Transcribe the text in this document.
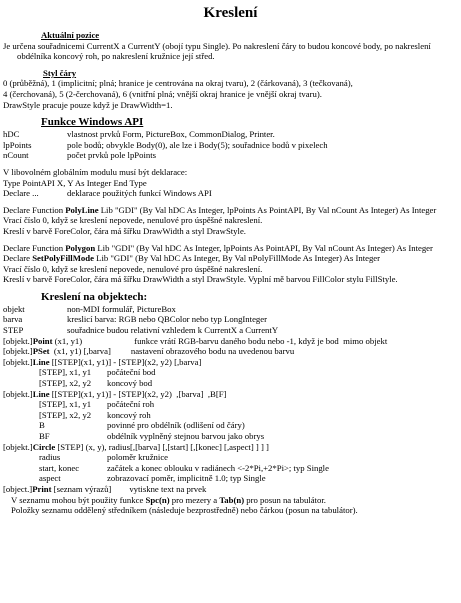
Kreslení
Aktuální pozice

Je určena souřadnicemi CurrentX a CurrentY (obojí typu Single). Po nakreslení čáry to budou koncové body, po nakreslení obdélníka koncový roh, po nakreslení kružnice její střed.

Styl čáry

0 (průběžná), 1 (implicitní; plná; hranice je centrována na okraj tvaru), 2 (čárkovaná), 3 (tečkovaná),

4 (čerchovaná), 5 (2-čerchovaná), 6 (vnitřní plná; vnější okraj hranice je vnější okraj tvaru).

DrawStyle pracuje pouze když je DrawWidth=1.

Funkce Windows API
hDC	vlastnost prvků Form, PictureBox, CommonDialog, Printer.
lpPoints	pole bodů; obvykle Body(0), ale lze i Body(5); souřadnice bodů v pixelech
nCount	počet prvků pole lpPoints

V libovolném globálním modulu musí být deklarace:

Type PointAPI X, Y As Integer End Type

Declare ...	deklarace použitých funkcí Windows API

Declare Function PolyLine Lib "GDI" (By Val hDC As Integer, lpPoints As PointAPI, By Val nCount As Integer) As Integer

Vrací číslo 0, když se kreslení nepovede, nenulové pro úspěšné nakreslení.

Kreslí v barvě ForeColor, čára má šířku DrawWidth a styl DrawStyle.

Declare Function Polygon Lib "GDI" (By Val hDC As Integer, lpPoints As PointAPI, By Val nCount As Integer) As Integer

Declare SetPolyFillMode Lib "GDI" (By Val hDC As Integer, By Val nPolyFillMode As Integer) As Integer

Vrací číslo 0, když se kreslení nepovede, nenulové pro úspěšné nakreslení.

Kreslí v barvě ForeColor, čára má šířku DrawWidth a styl DrawStyle. Vyplní mě barvou FillColor stylu FillStyle.

Kreslení na objektech:
objekt	non-MDI formulář, PictureBox
barva	kreslicí barva: RGB nebo QBColor nebo typ LongInteger
STEP	souřadnice budou relativní vzhledem k CurrentX a CurrentY
[objekt.]Point (x1, y1)	funkce vrátí RGB-barvu daného bodu nebo -1, když je bod  mimo objekt
[objekt.]PSet  (x1, y1) [,barva] nastavení obrazového bodu na uvedenou barvu
[objekt.] Line [[STEP](x1, y1)] - [STEP](x2, y2) [,barva]
[STEP], x1, y1	počáteční bod
[STEP], x2, y2	koncový bod
[objekt.] Line [[STEP](x1, y1)] - [STEP](x2, y2)  ,[barva]  ,B[F]
[STEP], x1, y1	počáteční roh
[STEP], x2, y2	koncový roh
B	povinné pro obdélník (odlišení od čáry)
BF	obdélník vyplněný stejnou barvou jako obrys
[objekt.] Circle [STEP] (x, y), radius[,[barva] [,[start] [,[konec] [,aspect] ] ] ]
radius	poloměr kružnice
start, konec	začátek a konec oblouku v radiánech <-2*Pi,+2*Pi>; typ Single
aspect	zobrazovací poměr, implicitně 1.0; typ Single
[object.]Print [seznam výrazů] vytiskne text na prvek

V seznamu mohou být použity funkce Spc(n) pro mezery a Tab(n) pro posun na tabulátor.

Položky seznamu oddělený středníkem (následuje bezprostředně) nebo čárkou (posun na tabulátor).
